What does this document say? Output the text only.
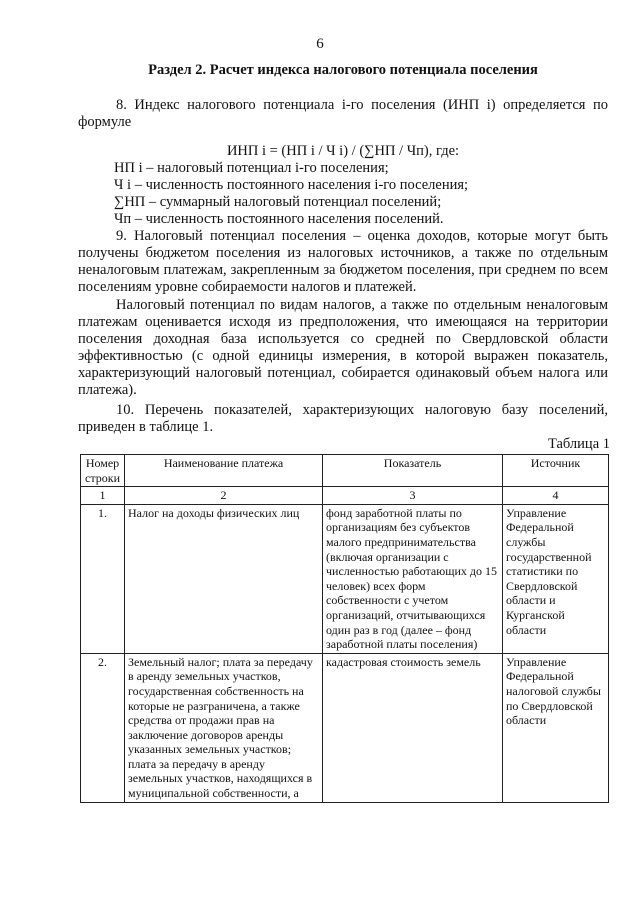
6
Раздел 2. Расчет индекса налогового потенциала поселения

8. Индекс налогового потенциала i-го поселения (ИНП i) определяется по формуле

ИНП i = (НП i / Ч i) / (∑НП / Чп), где:
НП i – налоговый потенциал i-го поселения;
Ч i – численность постоянного населения i-го поселения;
∑НП – суммарный налоговый потенциал поселений;
Чп – численность постоянного населения поселений.

9. Налоговый потенциал поселения – оценка доходов, которые могут быть получены бюджетом поселения из налоговых источников, а также по отдельным неналоговым платежам, закрепленным за бюджетом поселения, при среднем по всем поселениям уровне собираемости налогов и платежей.

Налоговый потенциал по видам налогов, а также по отдельным неналоговым платежам оценивается исходя из предположения, что имеющаяся на территории поселения доходная база используется со средней по Свердловской области эффективностью (с одной единицы измерения, в которой выражен показатель, характеризующий налоговый потенциал, собирается одинаковый объем налога или платежа).

10. Перечень показателей, характеризующих налоговую базу поселений, приведен в таблице 1.

Таблица 1
Номер строки	Наименование платежа	Показатель	Источник
1	2	3	4
1.	Налог на доходы физических лиц	фонд заработной платы по организациям без субъектов малого предпринимательства (включая организации с численностью работающих до 15 человек) всех форм собственности с учетом организаций, отчитывающихся один раз в год (далее – фонд заработной платы поселения)	Управление Федеральной службы государственной статистики по Свердловской области и Курганской области
2.	Земельный налог; плата за передачу в аренду земельных участков, государственная собственность на которые не разграничена, а также средства от продажи прав на заключение договоров аренды указанных земельных участков; плата за передачу в аренду земельных участков, находящихся в муниципальной собственности, а	кадастровая стоимость земель	Управление Федеральной налоговой службы по Свердловской области
